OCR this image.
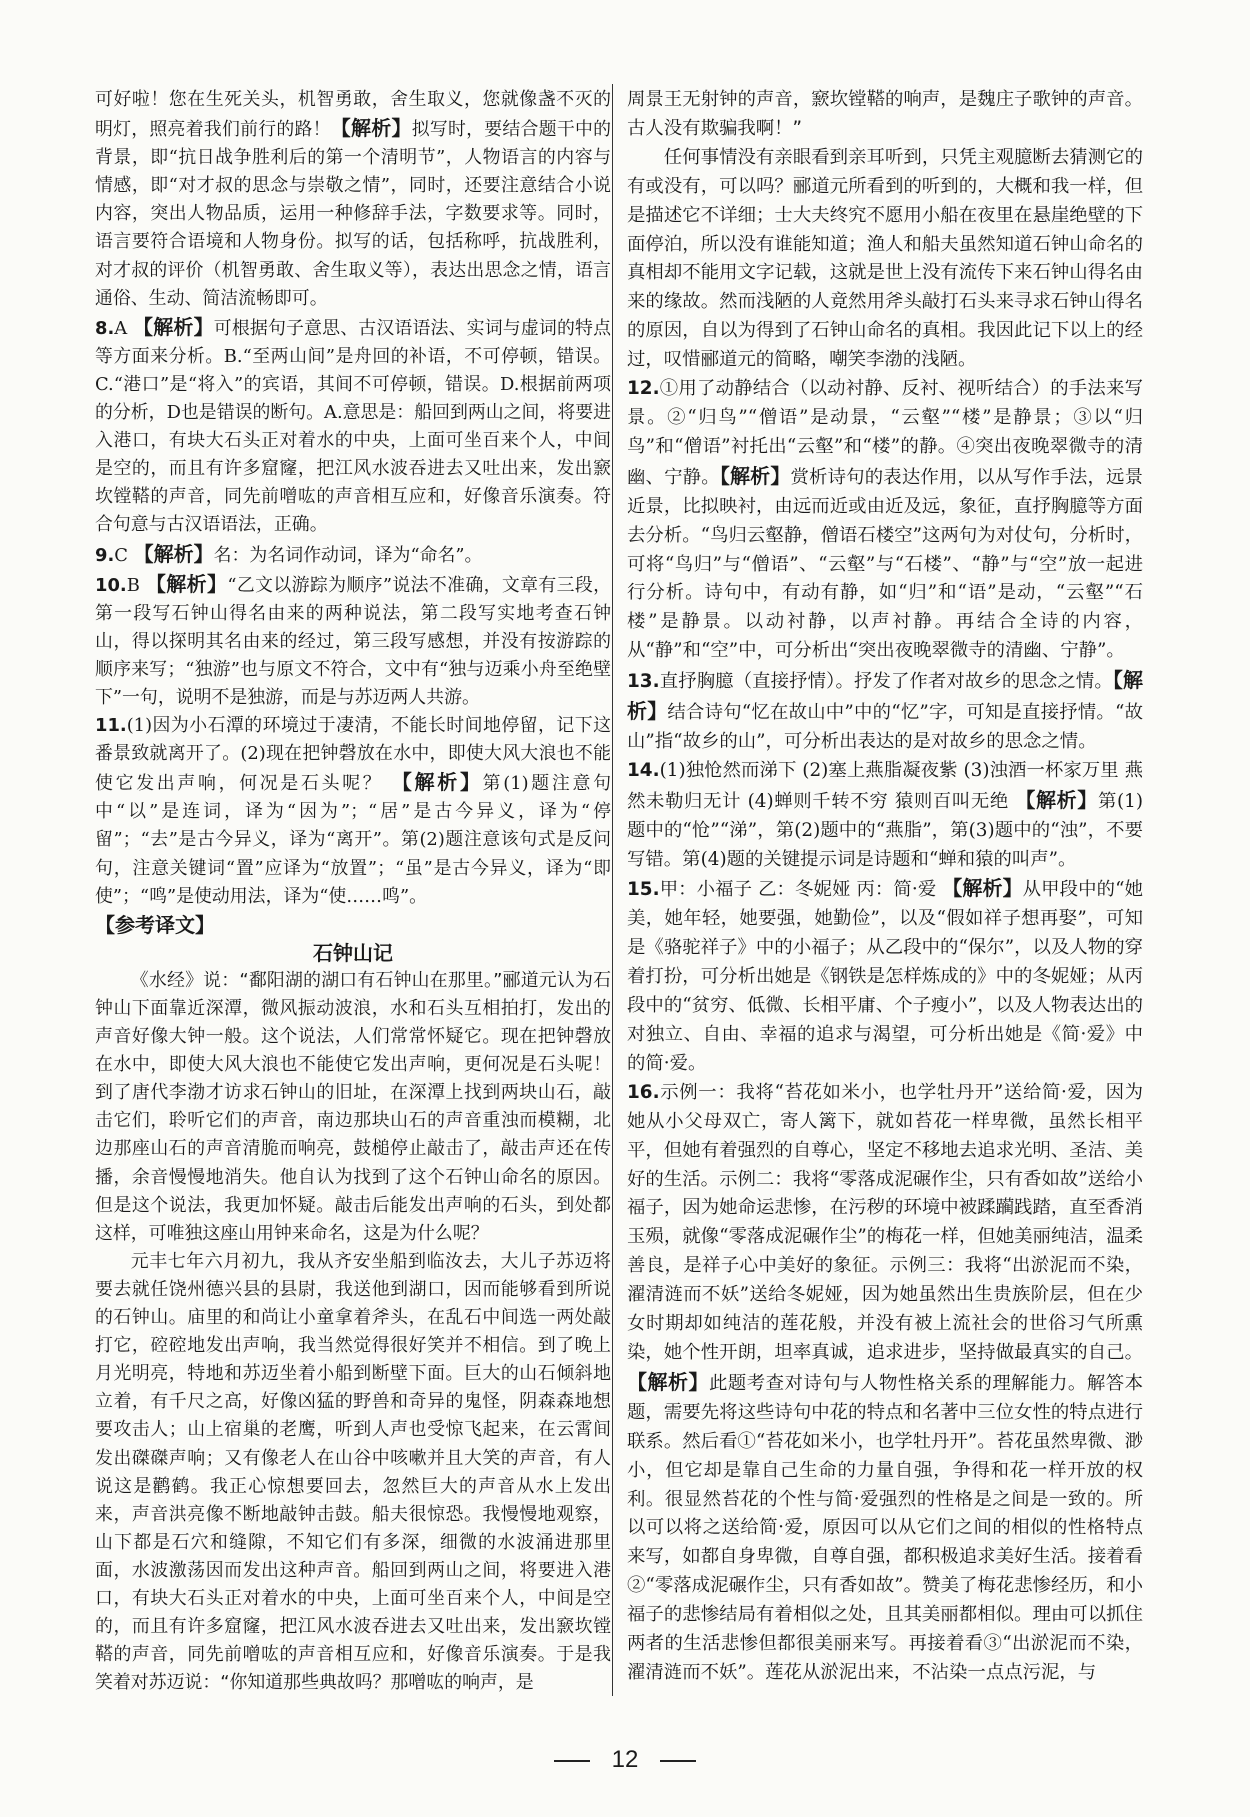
可好啦！您在生死关头，机智勇敢，舍生取义，您就像盏不灭的明灯，照亮着我们前行的路！【解析】拟写时，要结合题干中的背景，即“抗日战争胜利后的第一个清明节”，人物语言的内容与情感，即“对才叔的思念与崇敬之情”，同时，还要注意结合小说内容，突出人物品质，运用一种修辞手法，字数要求等。同时，语言要符合语境和人物身份。拟写的话，包括称呼，抗战胜利，对才叔的评价（机智勇敢、舍生取义等），表达出思念之情，语言通俗、生动、简洁流畅即可。

8.A 【解析】可根据句子意思、古汉语语法、实词与虚词的特点等方面来分析。B.“至两山间”是舟回的补语，不可停顿，错误。C.“港口”是“将入”的宾语，其间不可停顿，错误。D.根据前两项的分析，D也是错误的断句。A.意思是：船回到两山之间，将要进入港口，有块大石头正对着水的中央，上面可坐百来个人，中间是空的，而且有许多窟窿，把江风水波吞进去又吐出来，发出窾坎镗鞳的声音，同先前噌吰的声音相互应和，好像音乐演奏。符合句意与古汉语语法，正确。

9.C 【解析】名：为名词作动词，译为“命名”。

10.B 【解析】“乙文以游踪为顺序”说法不准确，文章有三段，第一段写石钟山得名由来的两种说法，第二段写实地考查石钟山，得以探明其名由来的经过，第三段写感想，并没有按游踪的顺序来写；“独游”也与原文不符合，文中有“独与迈乘小舟至绝壁下”一句，说明不是独游，而是与苏迈两人共游。

11.(1)因为小石潭的环境过于凄清，不能长时间地停留，记下这番景致就离开了。(2)现在把钟磬放在水中，即使大风大浪也不能使它发出声响，何况是石头呢？ 【解析】第(1)题注意句中“以”是连词，译为“因为”；“居”是古今异义，译为“停留”；“去”是古今异义，译为“离开”。第(2)题注意该句式是反问句，注意关键词“置”应译为“放置”；“虽”是古今异义，译为“即使”；“鸣”是使动用法，译为“使……鸣”。

【参考译文】

石钟山记

《水经》说：“鄱阳湖的湖口有石钟山在那里。”郦道元认为石钟山下面靠近深潭，微风振动波浪，水和石头互相拍打，发出的声音好像大钟一般。这个说法，人们常常怀疑它。现在把钟磬放在水中，即使大风大浪也不能使它发出声响，更何况是石头呢！到了唐代李渤才访求石钟山的旧址，在深潭上找到两块山石，敲击它们，聆听它们的声音，南边那块山石的声音重浊而模糊，北边那座山石的声音清脆而响亮，鼓槌停止敲击了，敲击声还在传播，余音慢慢地消失。他自认为找到了这个石钟山命名的原因。但是这个说法，我更加怀疑。敲击后能发出声响的石头，到处都这样，可唯独这座山用钟来命名，这是为什么呢？

元丰七年六月初九，我从齐安坐船到临汝去，大儿子苏迈将要去就任饶州德兴县的县尉，我送他到湖口，因而能够看到所说的石钟山。庙里的和尚让小童拿着斧头，在乱石中间选一两处敲打它，硿硿地发出声响，我当然觉得很好笑并不相信。到了晚上月光明亮，特地和苏迈坐着小船到断壁下面。巨大的山石倾斜地立着，有千尺之高，好像凶猛的野兽和奇异的鬼怪，阴森森地想要攻击人；山上宿巢的老鹰，听到人声也受惊飞起来，在云霄间发出磔磔声响；又有像老人在山谷中咳嗽并且大笑的声音，有人说这是鹳鹤。我正心惊想要回去，忽然巨大的声音从水上发出来，声音洪亮像不断地敲钟击鼓。船夫很惊恐。我慢慢地观察，山下都是石穴和缝隙，不知它们有多深，细微的水波涌进那里面，水波激荡因而发出这种声音。船回到两山之间，将要进入港口，有块大石头正对着水的中央，上面可坐百来个人，中间是空的，而且有许多窟窿，把江风水波吞进去又吐出来，发出窾坎镗鞳的声音，同先前噌吰的声音相互应和，好像音乐演奏。于是我笑着对苏迈说：“你知道那些典故吗？那噌吰的响声，是

周景王无射钟的声音，窾坎镗鞳的响声，是魏庄子歌钟的声音。古人没有欺骗我啊！”

任何事情没有亲眼看到亲耳听到，只凭主观臆断去猜测它的有或没有，可以吗？郦道元所看到的听到的，大概和我一样，但是描述它不详细；士大夫终究不愿用小船在夜里在悬崖绝壁的下面停泊，所以没有谁能知道；渔人和船夫虽然知道石钟山命名的真相却不能用文字记载，这就是世上没有流传下来石钟山得名由来的缘故。然而浅陋的人竟然用斧头敲打石头来寻求石钟山得名的原因，自以为得到了石钟山命名的真相。我因此记下以上的经过，叹惜郦道元的简略，嘲笑李渤的浅陋。

12.①用了动静结合（以动衬静、反衬、视听结合）的手法来写景。②“归鸟”“僧语”是动景，“云壑”“楼”是静景；③以“归鸟”和“僧语”衬托出“云壑”和“楼”的静。④突出夜晚翠微寺的清幽、宁静。【解析】赏析诗句的表达作用，以从写作手法，远景近景，比拟映衬，由远而近或由近及远，象征，直抒胸臆等方面去分析。“鸟归云壑静，僧语石楼空”这两句为对仗句，分析时，可将“鸟归”与“僧语”、“云壑”与“石楼”、“静”与“空”放一起进行分析。诗句中，有动有静，如“归”和“语”是动，“云壑”“石楼”是静景。以动衬静，以声衬静。再结合全诗的内容，从“静”和“空”中，可分析出“突出夜晚翠微寺的清幽、宁静”。

13.直抒胸臆（直接抒情）。抒发了作者对故乡的思念之情。【解析】结合诗句“忆在故山中”中的“忆”字，可知是直接抒情。“故山”指“故乡的山”，可分析出表达的是对故乡的思念之情。

14.(1)独怆然而涕下 (2)塞上燕脂凝夜紫 (3)浊酒一杯家万里 燕然未勒归无计 (4)蝉则千转不穷 猿则百叫无绝 【解析】第(1)题中的“怆”“涕”，第(2)题中的“燕脂”，第(3)题中的“浊”，不要写错。第(4)题的关键提示词是诗题和“蝉和猿的叫声”。

15.甲：小福子 乙：冬妮娅 丙：简·爱 【解析】从甲段中的“她美，她年轻，她要强，她勤俭”，以及“假如祥子想再娶”，可知是《骆驼祥子》中的小福子；从乙段中的“保尔”，以及人物的穿着打扮，可分析出她是《钢铁是怎样炼成的》中的冬妮娅；从丙段中的“贫穷、低微、长相平庸、个子瘦小”，以及人物表达出的对独立、自由、幸福的追求与渴望，可分析出她是《简·爱》中的简·爱。

16.示例一：我将“苔花如米小，也学牡丹开”送给简·爱，因为她从小父母双亡，寄人篱下，就如苔花一样卑微，虽然长相平平，但她有着强烈的自尊心，坚定不移地去追求光明、圣洁、美好的生活。示例二：我将“零落成泥碾作尘，只有香如故”送给小福子，因为她命运悲惨，在污秽的环境中被蹂躏践踏，直至香消玉殒，就像“零落成泥碾作尘”的梅花一样，但她美丽纯洁，温柔善良，是祥子心中美好的象征。示例三：我将“出淤泥而不染，濯清涟而不妖”送给冬妮娅，因为她虽然出生贵族阶层，但在少女时期却如纯洁的莲花般，并没有被上流社会的世俗习气所熏染，她个性开朗，坦率真诚，追求进步，坚持做最真实的自己。 【解析】此题考查对诗句与人物性格关系的理解能力。解答本题，需要先将这些诗句中花的特点和名著中三位女性的特点进行联系。然后看①“苔花如米小，也学牡丹开”。苔花虽然卑微、渺小，但它却是靠自己生命的力量自强，争得和花一样开放的权利。很显然苔花的个性与简·爱强烈的性格是之间是一致的。所以可以将之送给简·爱，原因可以从它们之间的相似的性格特点来写，如都自身卑微，自尊自强，都积极追求美好生活。接着看②“零落成泥碾作尘，只有香如故”。赞美了梅花悲惨经历，和小福子的悲惨结局有着相似之处，且其美丽都相似。理由可以抓住两者的生活悲惨但都很美丽来写。再接着看③“出淤泥而不染，濯清涟而不妖”。莲花从淤泥出来，不沾染一点点污泥，与

12
